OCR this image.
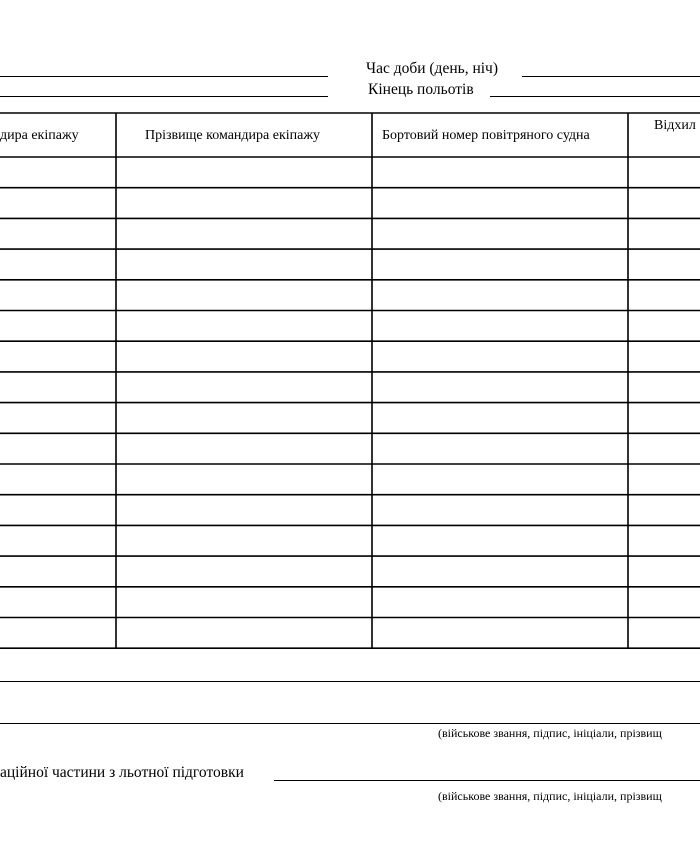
Час доби (день, ніч)
Кінець польотів
дира екіпажу	Прізвище командира екіпажу	Бортовий номер повітряного судна
Відхил
(військове звання, підпис, ініціали, прізвищ
аційної частини з льотної підготовки
(військове звання, підпис, ініціали, прізвищ
